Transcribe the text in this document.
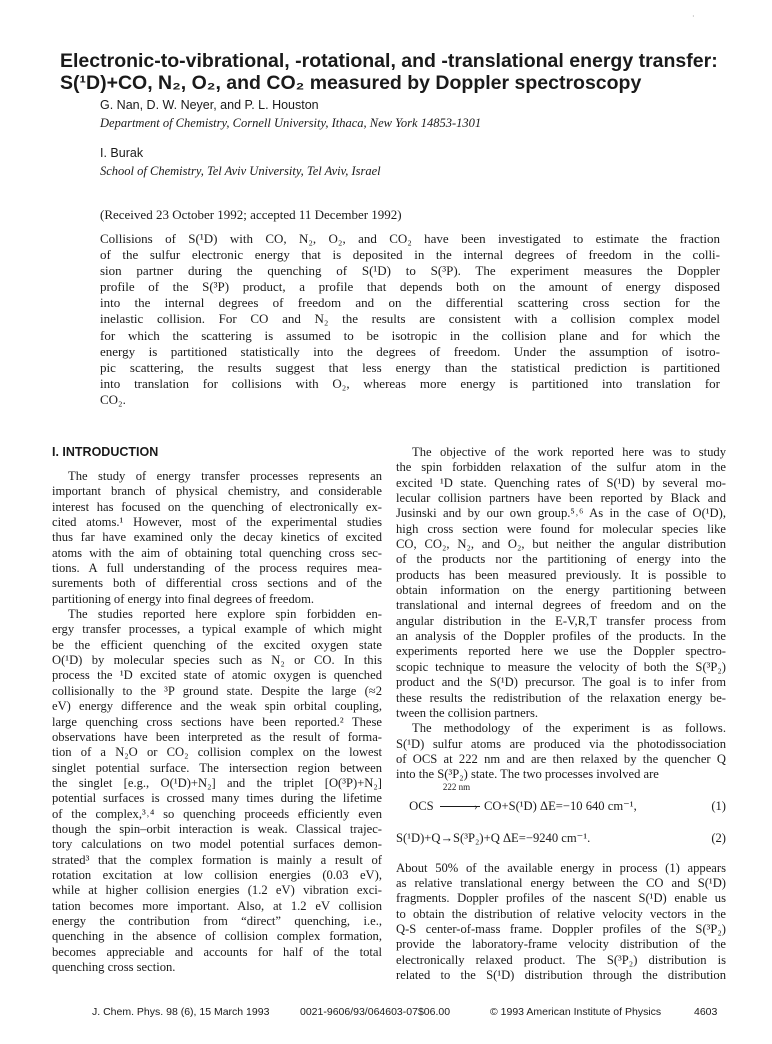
·
Electronic-to-vibrational, -rotational, and -translational energy transfer:
S(¹D)+CO, N₂, O₂, and CO₂ measured by Doppler spectroscopy
G. Nan, D. W. Neyer, and P. L. Houston
Department of Chemistry, Cornell University, Ithaca, New York 14853-1301
I. Burak
School of Chemistry, Tel Aviv University, Tel Aviv, Israel
(Received 23 October 1992; accepted 11 December 1992)
Collisions of S(¹D) with CO, N₂, O₂, and CO₂ have been investigated to estimate the fraction
of the sulfur electronic energy that is deposited in the internal degrees of freedom in the colli-
sion partner during the quenching of S(¹D) to S(³P). The experiment measures the Doppler
profile of the S(³P) product, a profile that depends both on the amount of energy disposed
into the internal degrees of freedom and on the differential scattering cross section for the
inelastic collision. For CO and N₂ the results are consistent with a collision complex model
for which the scattering is assumed to be isotropic in the collision plane and for which the
energy is partitioned statistically into the degrees of freedom. Under the assumption of isotro-
pic scattering, the results suggest that less energy than the statistical prediction is partitioned
into translation for collisions with O₂, whereas more energy is partitioned into translation for
CO₂.
I. INTRODUCTION
The study of energy transfer processes represents an
important branch of physical chemistry, and considerable
interest has focused on the quenching of electronically ex-
cited atoms.¹ However, most of the experimental studies
thus far have examined only the decay kinetics of excited
atoms with the aim of obtaining total quenching cross sec-
tions. A full understanding of the process requires mea-
surements both of differential cross sections and of the
partitioning of energy into final degrees of freedom.
The studies reported here explore spin forbidden en-
ergy transfer processes, a typical example of which might
be the efficient quenching of the excited oxygen state
O(¹D) by molecular species such as N₂ or CO. In this
process the ¹D excited state of atomic oxygen is quenched
collisionally to the ³P ground state. Despite the large (≈2
eV) energy difference and the weak spin orbital coupling,
large quenching cross sections have been reported.² These
observations have been interpreted as the result of forma-
tion of a N₂O or CO₂ collision complex on the lowest
singlet potential surface. The intersection region between
the singlet [e.g., O(¹D)+N₂] and the triplet [O(³P)+N₂]
potential surfaces is crossed many times during the lifetime
of the complex,³˒⁴ so quenching proceeds efficiently even
though the spin–orbit interaction is weak. Classical trajec-
tory calculations on two model potential surfaces demon-
strated³ that the complex formation is mainly a result of
rotation excitation at low collision energies (0.03 eV),
while at higher collision energies (1.2 eV) vibration exci-
tation becomes more important. Also, at 1.2 eV collision
energy the contribution from “direct” quenching, i.e.,
quenching in the absence of collision complex formation,
becomes appreciable and accounts for half of the total
quenching cross section.
The objective of the work reported here was to study
the spin forbidden relaxation of the sulfur atom in the
excited ¹D state. Quenching rates of S(¹D) by several mo-
lecular collision partners have been reported by Black and
Jusinski and by our own group.⁵˒⁶ As in the case of O(¹D),
high cross section were found for molecular species like
CO, CO₂, N₂, and O₂, but neither the angular distribution
of the products nor the partitioning of energy into the
products has been measured previously. It is possible to
obtain information on the energy partitioning between
translational and internal degrees of freedom and on the
angular distribution in the E-V,R,T transfer process from
an analysis of the Doppler profiles of the products. In the
experiments reported here we use the Doppler spectro-
scopic technique to measure the velocity of both the S(³P₂)
product and the S(¹D) precursor. The goal is to infer from
these results the redistribution of the relaxation energy be-
tween the collision partners.
The methodology of the experiment is as follows.
S(¹D) sulfur atoms are produced via the photodissociation
of OCS at 222 nm and are then relaxed by the quencher Q
into the S(³P₂) state. The two processes involved are
OCS
222 nm
› CO+S(¹D) ΔE=−10 640 cm⁻¹,	(1)
S(¹D)+Q→S(³P₂)+Q ΔE=−9240 cm⁻¹.	(2)
About 50% of the available energy in process (1) appears
as relative translational energy between the CO and S(¹D)
fragments. Doppler profiles of the nascent S(¹D) enable us
to obtain the distribution of relative velocity vectors in the
Q-S center-of-mass frame. Doppler profiles of the S(³P₂)
provide the laboratory-frame velocity distribution of the
electronically relaxed product. The S(³P₂) distribution is
related to the S(¹D) distribution through the distribution
J. Chem. Phys. 98 (6), 15 March 1993	0021-9606/93/064603-07$06.00	© 1993 American Institute of Physics	4603
